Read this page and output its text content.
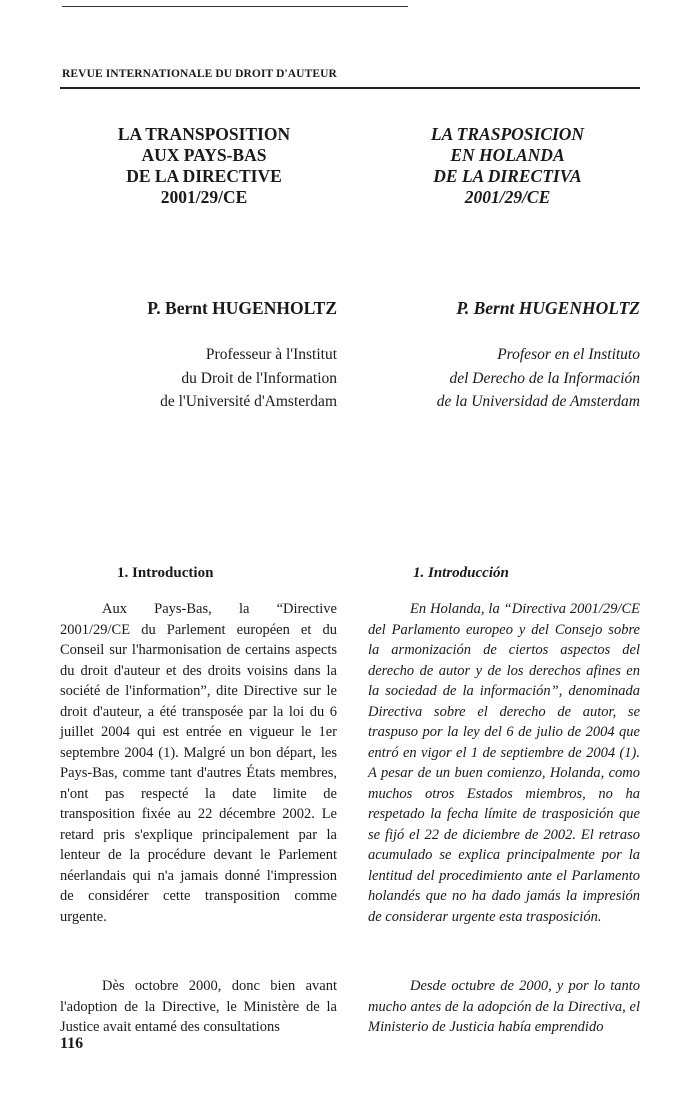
REVUE INTERNATIONALE DU DROIT D'AUTEUR
LA TRANSPOSITION
AUX PAYS-BAS
DE LA DIRECTIVE
2001/29/CE
LA TRASPOSICION
EN HOLANDA
DE LA DIRECTIVA
2001/29/CE
P. Bernt HUGENHOLTZ	P. Bernt HUGENHOLTZ
Professeur à l'Institut
du Droit de l'Information
de l'Université d'Amsterdam
Profesor en el Instituto
del Derecho de la Información
de la Universidad de Amsterdam
1. Introduction	1. Introducción

Aux Pays-Bas, la “Directive 2001/29/CE du Parlement européen et du Conseil sur l'harmonisation de certains aspects du droit d'auteur et des droits voisins dans la société de l'information”, dite Directive sur le droit d'auteur, a été transposée par la loi du 6 juillet 2004 qui est entrée en vigueur le 1er septembre 2004 (1). Malgré un bon départ, les Pays-Bas, comme tant d'autres États membres, n'ont pas respecté la date limite de transposition fixée au 22 décembre 2002. Le retard pris s'explique principalement par la lenteur de la procédure devant le Parlement néerlandais qui n'a jamais donné l'impression de considérer cette transposition comme urgente.

Dès octobre 2000, donc bien avant l'adoption de la Directive, le Ministère de la Justice avait entamé des consultations

En Holanda, la “Directiva 2001/29/CE del Parlamento europeo y del Consejo sobre la armonización de ciertos aspectos del derecho de autor y de los derechos afines en la sociedad de la información”, denominada Directiva sobre el derecho de autor, se traspuso por la ley del 6 de julio de 2004 que entró en vigor el 1 de septiembre de 2004 (1). A pesar de un buen comienzo, Holanda, como muchos otros Estados miembros, no ha respetado la fecha límite de trasposición que se fijó el 22 de diciembre de 2002. El retraso acumulado se explica principalmente por la lentitud del procedimiento ante el Parlamento holandés que no ha dado jamás la impresión de considerar urgente esta trasposición.

Desde octubre de 2000, y por lo tanto mucho antes de la adopción de la Directiva, el Ministerio de Justicia había emprendido

116
